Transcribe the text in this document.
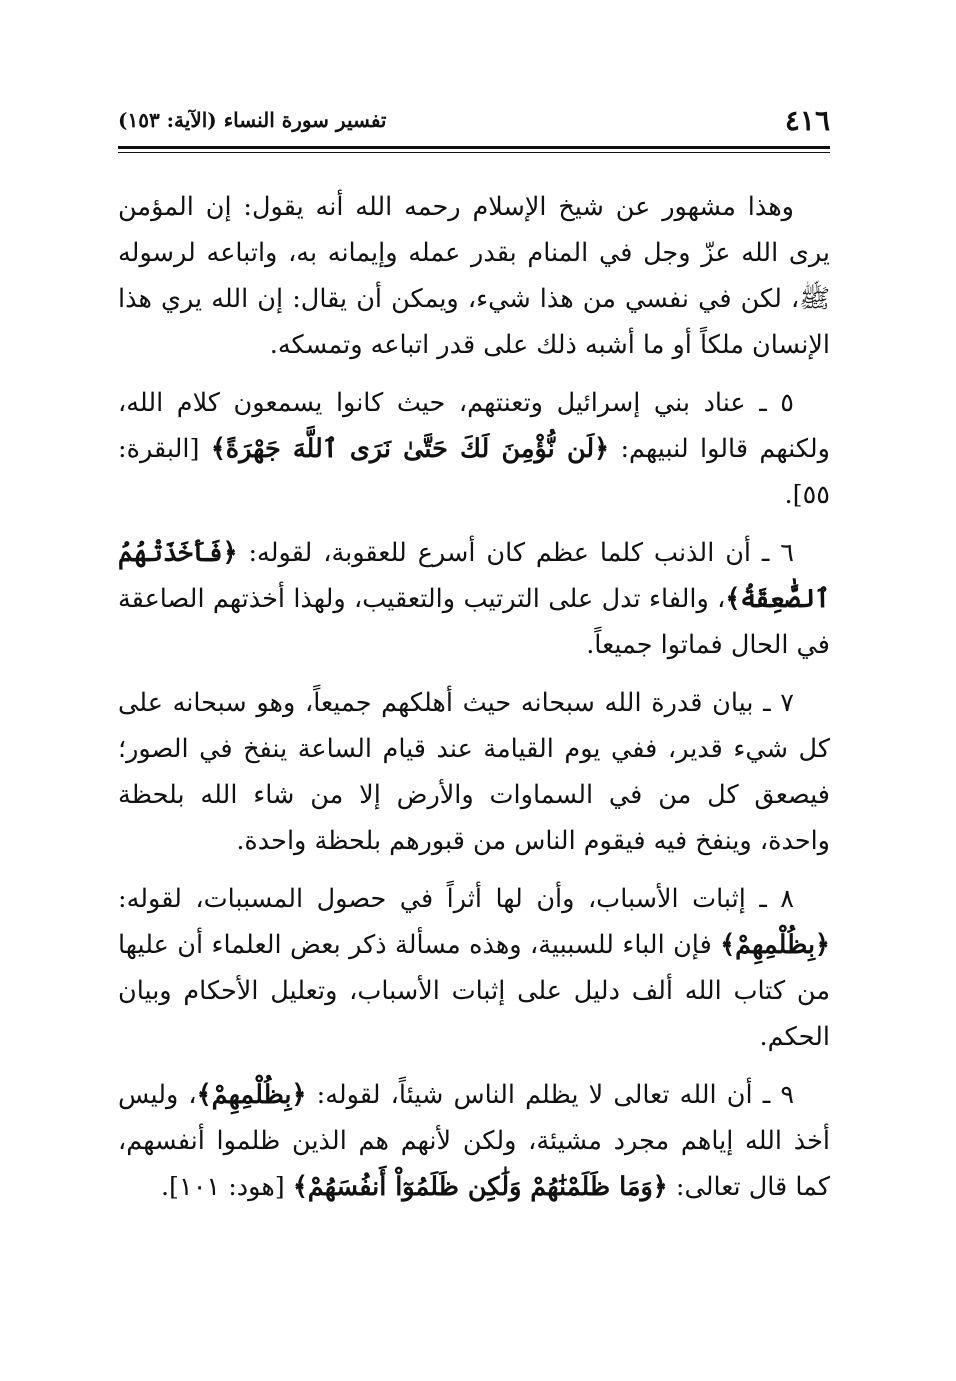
٤١٦
تفسير سورة النساء (الآية: ١٥٣)

وهذا مشهور عن شيخ الإسلام رحمه الله أنه يقول: إن المؤمن يرى الله عزّ وجل في المنام بقدر عمله وإيمانه به، واتباعه لرسوله ﷺ، لكن في نفسي من هذا شيء، ويمكن أن يقال: إن الله يري هذا الإنسان ملكاً أو ما أشبه ذلك على قدر اتباعه وتمسكه.

٥ ـ عناد بني إسرائيل وتعنتهم، حيث كانوا يسمعون كلام الله، ولكنهم قالوا لنبيهم: ﴿لَن نُّؤْمِنَ لَكَ حَتَّىٰ نَرَى ٱللَّهَ جَهْرَةً﴾ [البقرة: ٥٥].

٦ ـ أن الذنب كلما عظم كان أسرع للعقوبة، لقوله: ﴿فَأَخَذَتْهُمُ ٱلصَّٰعِقَةُ﴾، والفاء تدل على الترتيب والتعقيب، ولهذا أخذتهم الصاعقة في الحال فماتوا جميعاً.

٧ ـ بيان قدرة الله سبحانه حيث أهلكهم جميعاً، وهو سبحانه على كل شيء قدير، ففي يوم القيامة عند قيام الساعة ينفخ في الصور؛ فيصعق كل من في السماوات والأرض إلا من شاء الله بلحظة واحدة، وينفخ فيه فيقوم الناس من قبورهم بلحظة واحدة.

٨ ـ إثبات الأسباب، وأن لها أثراً في حصول المسببات، لقوله: ﴿بِظُلْمِهِمْ﴾ فإن الباء للسببية، وهذه مسألة ذكر بعض العلماء أن عليها من كتاب الله ألف دليل على إثبات الأسباب، وتعليل الأحكام وبيان الحكم.

٩ ـ أن الله تعالى لا يظلم الناس شيئاً، لقوله: ﴿بِظُلْمِهِمْ﴾، وليس أخذ الله إياهم مجرد مشيئة، ولكن لأنهم هم الذين ظلموا أنفسهم، كما قال تعالى: ﴿وَمَا ظَلَمْنَٰهُمْ وَلَٰكِن ظَلَمُوٓاْ أَنفُسَهُمْ﴾ [هود: ١٠١].
